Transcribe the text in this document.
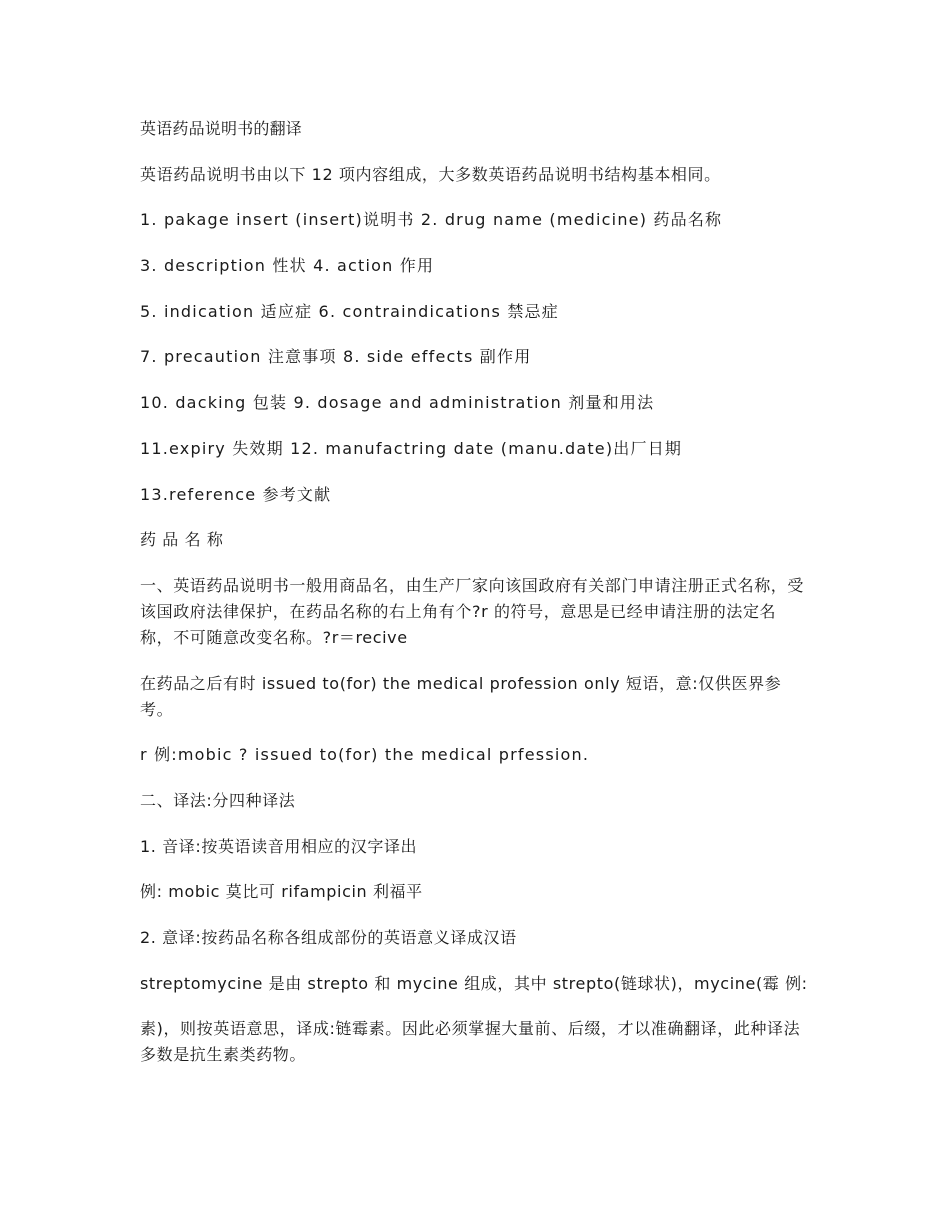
英语药品说明书的翻译
英语药品说明书由以下 12 项内容组成，大多数英语药品说明书结构基本相同。
1. pakage insert (insert)说明书 2. drug name (medicine) 药品名称
3. description 性状 4. action 作用
5. indication 适应症 6. contraindications 禁忌症
7. precaution 注意事项 8. side effects 副作用
10. dacking 包装 9. dosage and administration 剂量和用法
11.expiry 失效期 12. manufactring date (manu.date)出厂日期
13.reference 参考文献
药 品 名 称
一、英语药品说明书一般用商品名，由生产厂家向该国政府有关部门申请注册正式名称，受该国政府法律保护，在药品名称的右上角有个?r 的符号，意思是已经申请注册的法定名称，不可随意改变名称。?r＝recive
在药品之后有时 issued to(for) the medical profession only 短语，意:仅供医界参考。
r 例:mobic ? issued to(for) the medical prfession.
二、译法:分四种译法
1. 音译:按英语读音用相应的汉字译出
例: mobic 莫比可 rifampicin 利福平
2. 意译:按药品名称各组成部份的英语意义译成汉语
streptomycine 是由 strepto 和 mycine 组成，其中 strepto(链球状)，mycine(霉 例:
素)，则按英语意思，译成:链霉素。因此必须掌握大量前、后缀，才以准确翻译，此种译法多数是抗生素类药物。
